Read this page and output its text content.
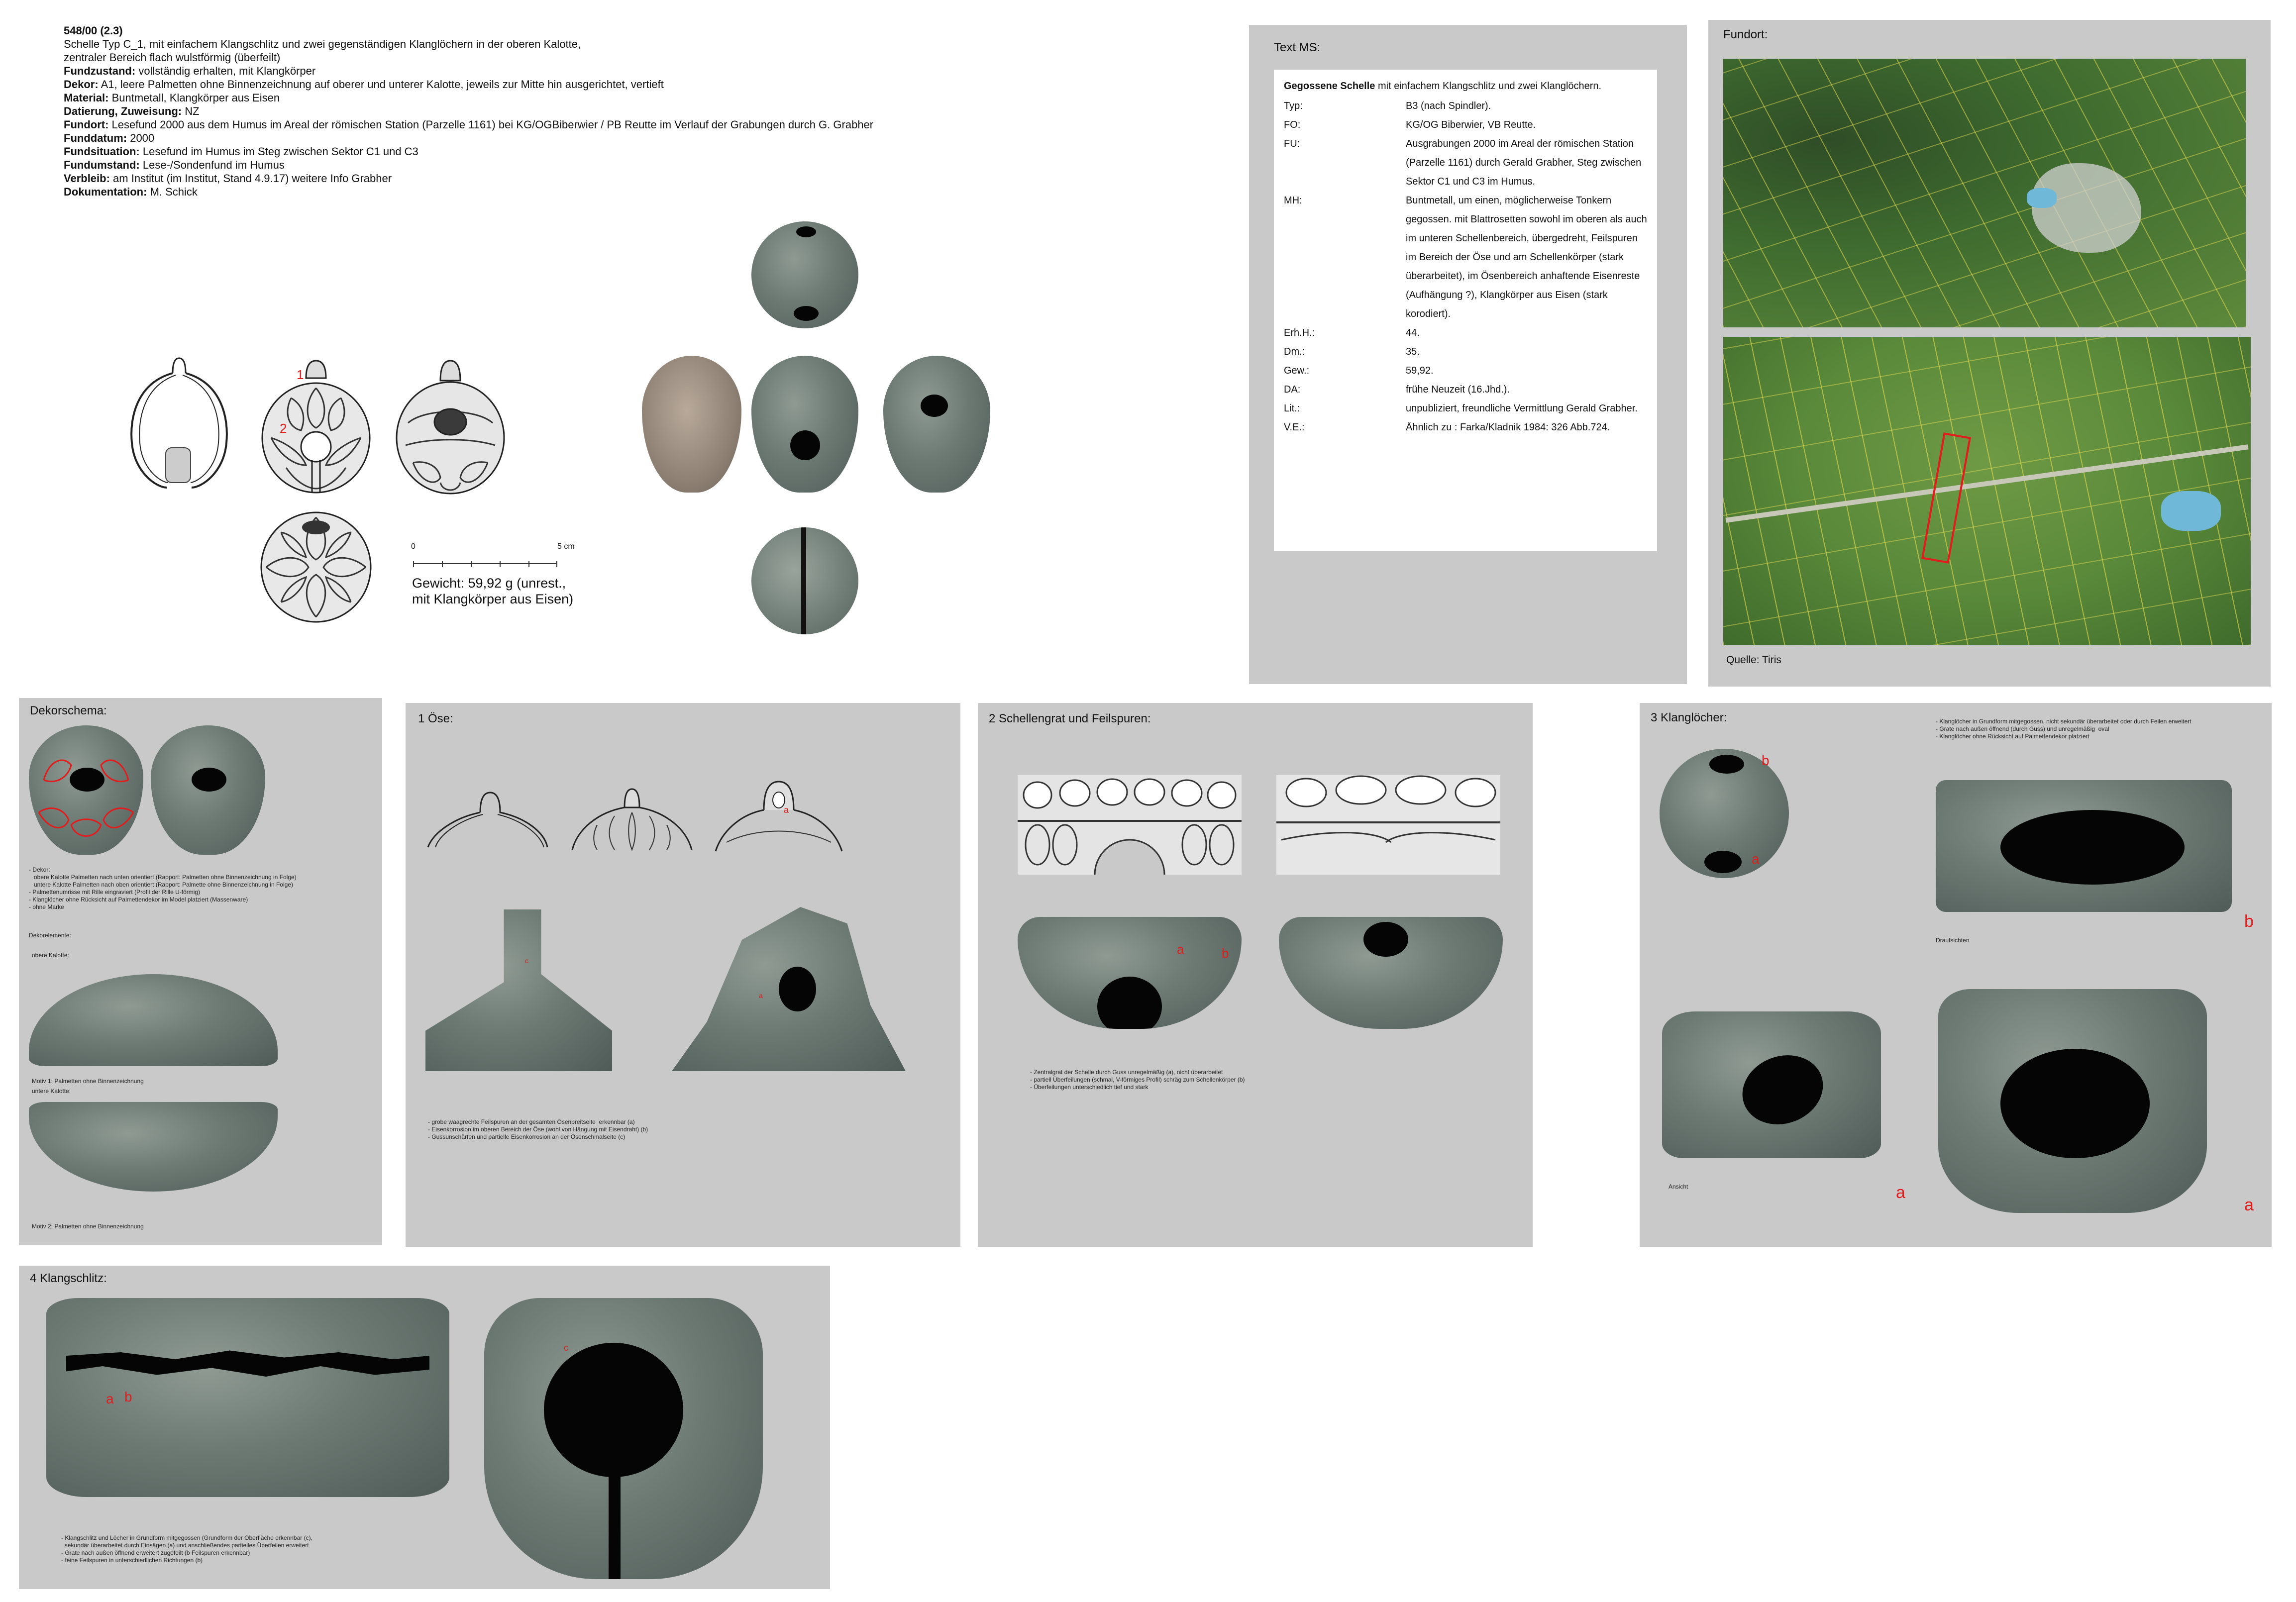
548/00 (2.3)
Schelle Typ C_1, mit einfachem Klangschlitz und zwei gegenständigen Klanglöchern in der oberen Kalotte,
zentraler Bereich flach wulstförmig (überfeilt)
Fundzustand: vollständig erhalten, mit Klangkörper
Dekor: A1, leere Palmetten ohne Binnenzeichnung auf oberer und unterer Kalotte, jeweils zur Mitte hin ausgerichtet, vertieft
Material: Buntmetall, Klangkörper aus Eisen
Datierung, Zuweisung: NZ
Fundort: Lesefund 2000 aus dem Humus im Areal der römischen Station (Parzelle 1161) bei KG/OGBiberwier / PB Reutte im Verlauf der Grabungen durch G. Grabher
Funddatum: 2000
Fundsituation: Lesefund im Humus im Steg zwischen Sektor C1 und C3
Fundumstand: Lese-/Sondenfund im Humus
Verbleib: am Institut (im Institut, Stand 4.9.17) weitere Info Grabher
Dokumentation: M. Schick
1
2
0	5 cm
Gewicht: 59,92 g (unrest.,
mit Klangkörper aus Eisen)
Text MS:
Gegossene Schelle mit einfachem Klangschlitz und zwei Klanglöchern.
Typ:	B3 (nach Spindler).
FO:	KG/OG Biberwier, VB Reutte.
FU:	Ausgrabungen 2000 im Areal der römischen Station (Parzelle 1161) durch Gerald Grabher, Steg zwischen Sektor C1 und C3 im Humus.
MH:	Buntmetall, um einen, möglicherweise Tonkern gegossen. mit Blattrosetten sowohl im oberen als auch im unteren Schellenbereich, übergedreht, Feilspuren im Bereich der Öse und am Schellenkörper (stark überarbeitet), im Ösenbereich anhaftende Eisenreste (Aufhängung ?), Klangkörper aus Eisen (stark korodiert).
Erh.H.:	44.
Dm.:	35.
Gew.:	59,92.
DA:	frühe Neuzeit (16.Jhd.).
Lit.:	unpubliziert, freundliche Vermittlung Gerald Grabher.
V.E.:	Ähnlich zu : Farka/Kladnik 1984: 326 Abb.724.
Fundort:
Quelle: Tiris
Dekorschema:
- Dekor:
obere Kalotte Palmetten nach unten orientiert (Rapport: Palmetten ohne Binnenzeichnung in Folge)
untere Kalotte Palmetten nach oben orientiert (Rapport: Palmette ohne Binnenzeichnung in Folge)
- Palmettenumrisse mit Rille eingraviert (Profil der Rille U-förmig)
- Klanglöcher ohne Rücksicht auf Palmettendekor im Model platziert (Massenware)
- ohne Marke
Dekorelemente:
obere Kalotte:
Motiv 1: Palmetten ohne Binnenzeichnung
untere Kalotte:
Motiv 2: Palmetten ohne Binnenzeichnung
1 Öse:
a
c
a
- grobe waagrechte Feilspuren an der gesamten Ösenbreitseite  erkennbar (a)
- Eisenkorrosion im oberen Bereich der Öse (wohl von Hängung mit Eisendraht) (b)
- Gussunschärfen und partielle Eisenkorrosion an der Ösenschmalseite (c)
2 Schellengrat und Feilspuren:
a	b
- Zentralgrat der Schelle durch Guss unregelmäßig (a), nicht überarbeitet
- partiell Überfeilungen (schmal, V-förmiges Profil) schräg zum Schellenkörper (b)
- Überfeilungen unterschiedlich tief und stark
3 Klanglöcher:	- Klanglöcher in Grundform mitgegossen, nicht sekundär überarbeitet oder durch Feilen erweitert
- Grate nach außen öffnend (durch Guss) und unregelmäßig  oval
- Klanglöcher ohne Rücksicht auf Palmettendekor platziert
b
a
Draufsichten
b
Ansicht	a
a
4 Klangschlitz:
a b
c
- Klangschlitz und Löcher in Grundform mitgegossen (Grundform der Oberfläche erkennbar (c),
sekundär überarbeitet durch Einsägen (a) und anschließendes partielles Überfeilen erweitert
- Grate nach außen öffnend erweitert zugefeilt (b Feilspuren erkennbar)
- feine Feilspuren in unterschiedlichen Richtungen (b)
